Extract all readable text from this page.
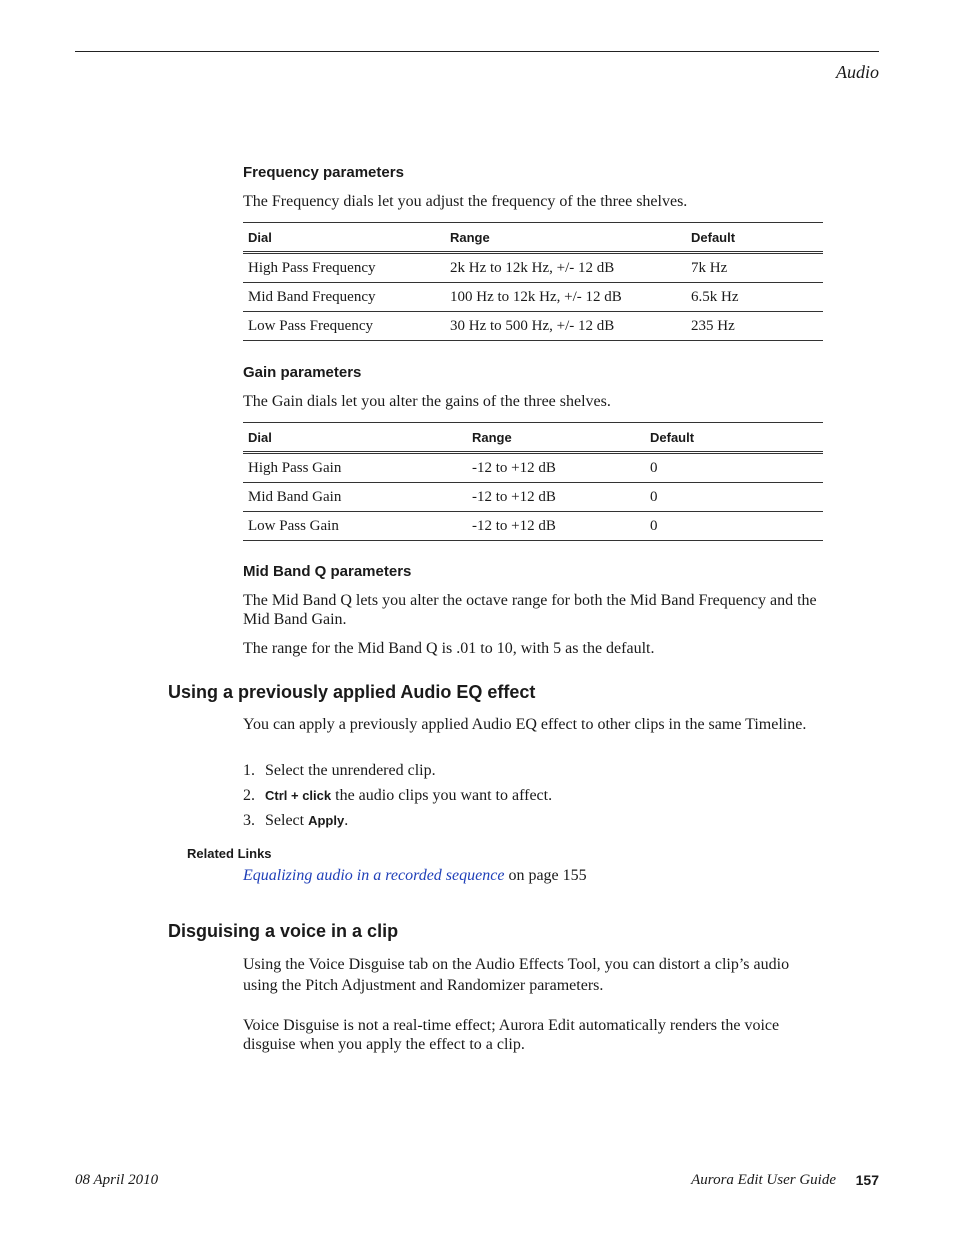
Audio
Frequency parameters
The Frequency dials let you adjust the frequency of the three shelves.
Dial	Range	Default
High Pass Frequency	2k Hz to 12k Hz, +/- 12 dB	7k Hz
Mid Band Frequency	100 Hz to 12k Hz, +/- 12 dB	6.5k Hz
Low Pass Frequency	30 Hz to 500 Hz, +/- 12 dB	235 Hz
Gain parameters
The Gain dials let you alter the gains of the three shelves.
Dial	Range	Default
High Pass Gain	-12 to +12 dB	0
Mid Band Gain	-12 to +12 dB	0
Low Pass Gain	-12 to +12 dB	0
Mid Band Q parameters
The Mid Band Q lets you alter the octave range for both the Mid Band Frequency and the Mid Band Gain.
The range for the Mid Band Q is .01 to 10, with 5 as the default.
Using a previously applied Audio EQ effect
You can apply a previously applied Audio EQ effect to other clips in the same Timeline.
1. Select the unrendered clip.
2. Ctrl + click the audio clips you want to affect.
3. Select Apply.
Related Links
Equalizing audio in a recorded sequence on page 155
Disguising a voice in a clip
Using the Voice Disguise tab on the Audio Effects Tool, you can distort a clip’s audio using the Pitch Adjustment and Randomizer parameters.
Voice Disguise is not a real-time effect; Aurora Edit automatically renders the voice disguise when you apply the effect to a clip.
08 April 2010	Aurora Edit User Guide 157
